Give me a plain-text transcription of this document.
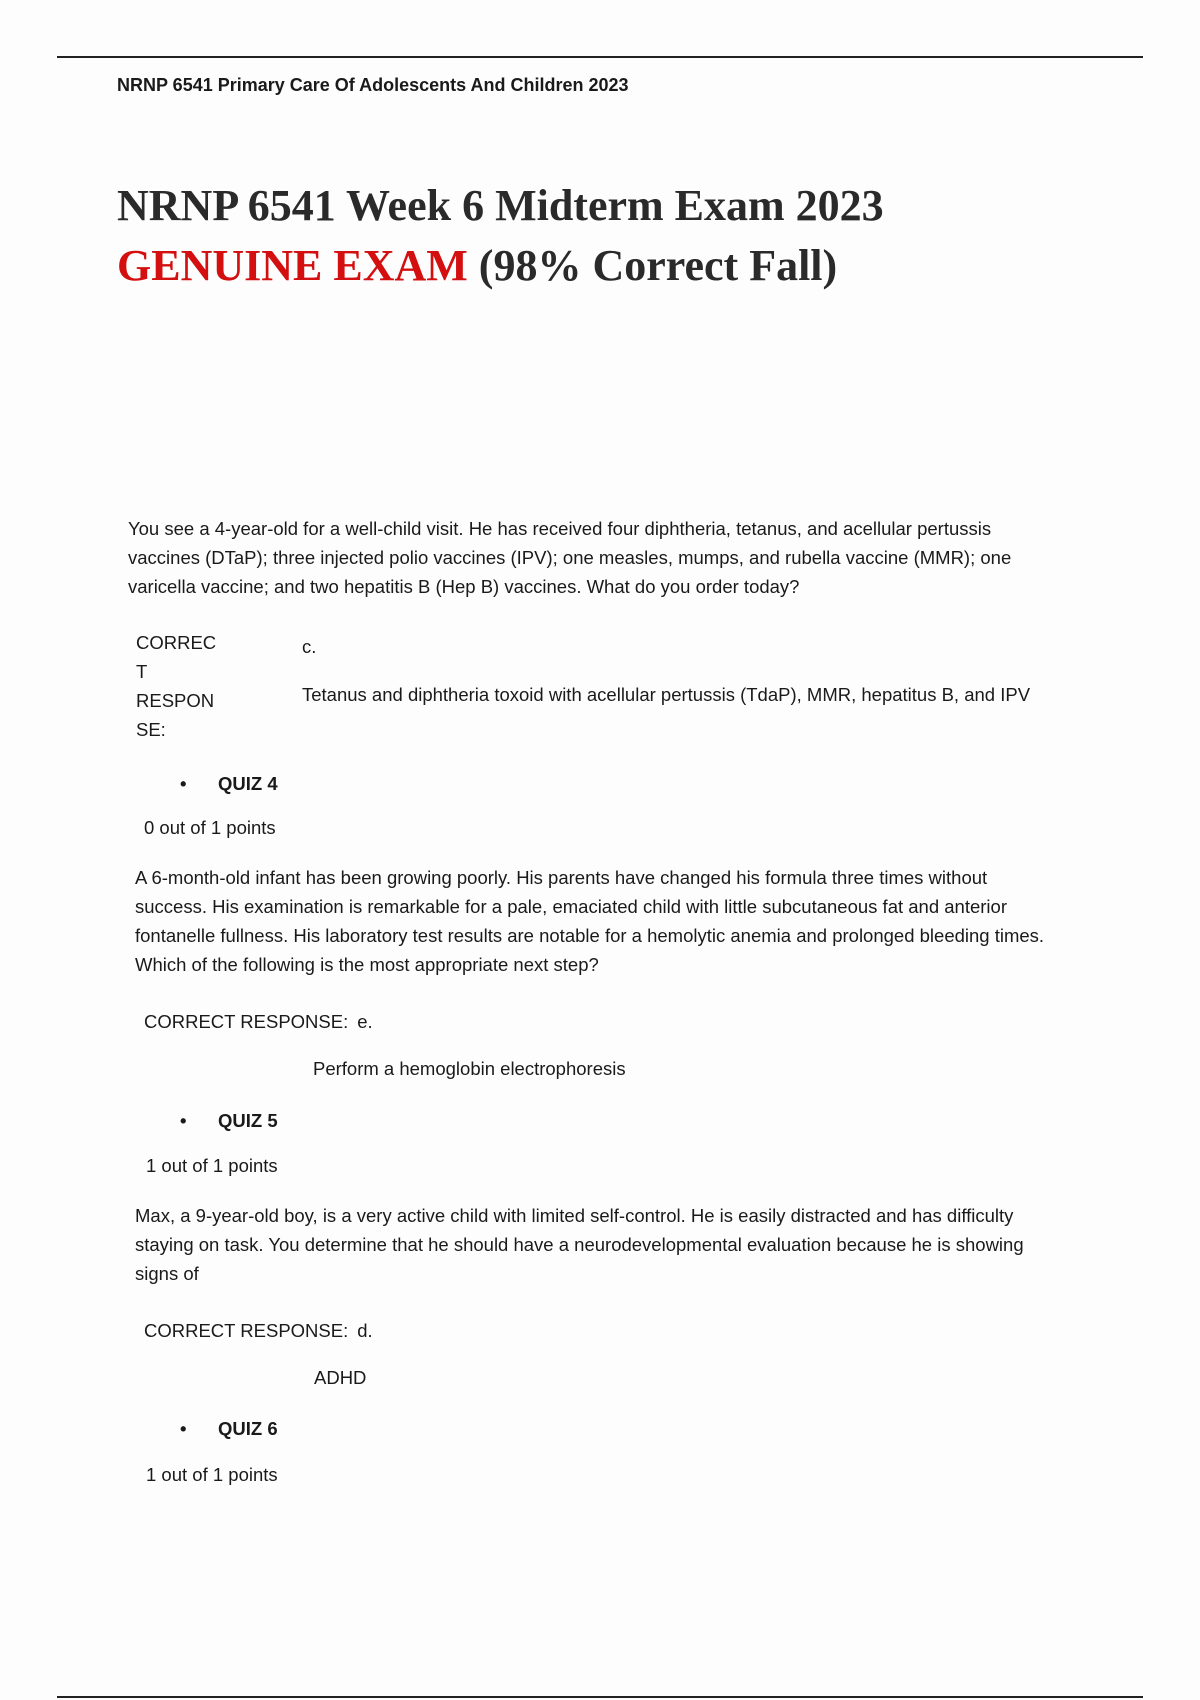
NRNP 6541 Primary Care Of Adolescents And Children 2023
NRNP 6541 Week 6 Midterm Exam 2023 GENUINE EXAM (98% Correct Fall)

You see a 4-year-old for a well-child visit. He has received four diphtheria, tetanus, and acellular pertussis vaccines (DTaP); three injected polio vaccines (IPV); one measles, mumps, and rubella vaccine (MMR); one varicella vaccine; and two hepatitis B (Hep B) vaccines. What do you order today?

CORREC
T
RESPON
SE:
c.
Tetanus and diphtheria toxoid with acellular pertussis (TdaP), MMR, hepatitus B, and IPV
• QUIZ 4
0 out of 1 points

A 6-month-old infant has been growing poorly. His parents have changed his formula three times without success. His examination is remarkable for a pale, emaciated child with little subcutaneous fat and anterior fontanelle fullness. His laboratory test results are notable for a hemolytic anemia and prolonged bleeding times. Which of the following is the most appropriate next step?

CORRECT RESPONSE: e.
Perform a hemoglobin electrophoresis
• QUIZ 5
1 out of 1 points

Max, a 9-year-old boy, is a very active child with limited self-control. He is easily distracted and has difficulty staying on task. You determine that he should have a neurodevelopmental evaluation because he is showing signs of

CORRECT RESPONSE: d.
ADHD
• QUIZ 6
1 out of 1 points
